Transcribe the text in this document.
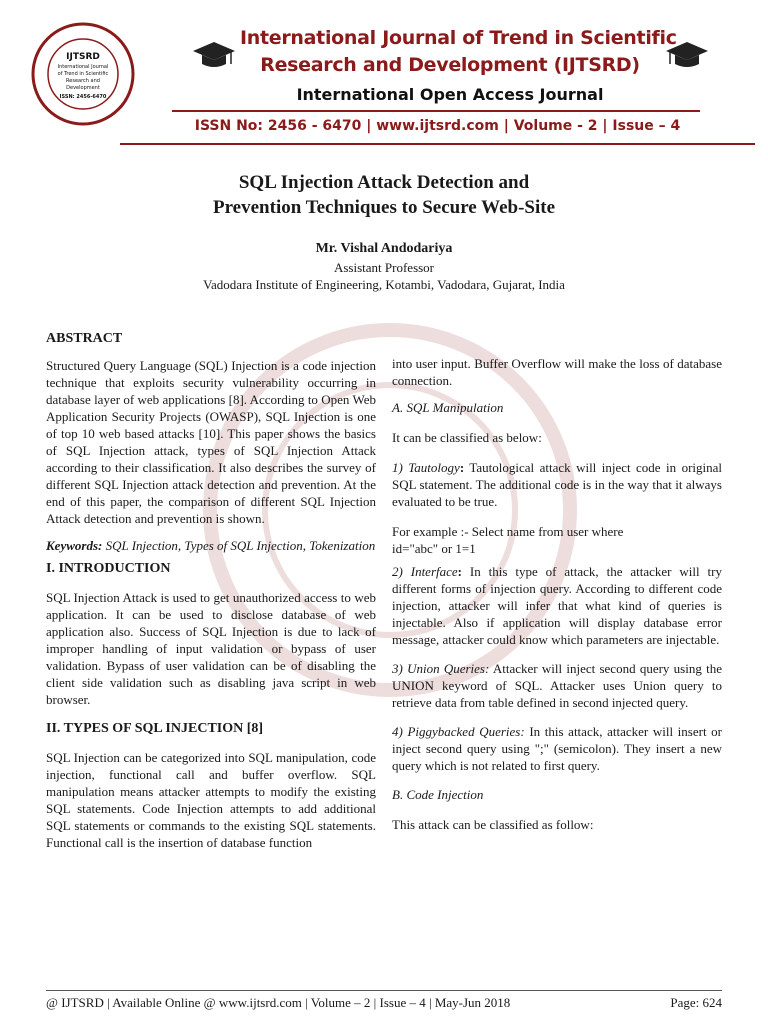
IJTSRD
International Journal
of Trend in Scientific
Research and
Development
ISSN: 2456-6470
International Journal of Trend in Scientific
Research and Development (IJTSRD)
International Open Access Journal
ISSN No: 2456 - 6470 | www.ijtsrd.com | Volume - 2 | Issue – 4
SQL Injection Attack Detection and
Prevention Techniques to Secure Web-Site
Mr. Vishal Andodariya
Assistant Professor
Vadodara Institute of Engineering, Kotambi, Vadodara, Gujarat, India
ABSTRACT

Structured Query Language (SQL) Injection is a code injection technique that exploits security vulnerability occurring in database layer of web applications [8]. According to Open Web Application Security Projects (OWASP), SQL Injection is one of top 10 web based attacks [10]. This paper shows the basics of SQL Injection attack, types of SQL Injection Attack according to their classification. It also describes the survey of different SQL Injection attack detection and prevention. At the end of this paper, the comparison of different SQL Injection Attack detection and prevention is shown.

Keywords: SQL Injection, Types of SQL Injection, Tokenization

I. INTRODUCTION

SQL Injection Attack is used to get unauthorized access to web application. It can be used to disclose database of web application also. Success of SQL Injection is due to lack of improper handling of input validation or bypass of user validation. Bypass of user validation can be of disabling the client side validation such as disabling java script in web browser.

II. TYPES OF SQL INJECTION [8]

SQL Injection can be categorized into SQL manipulation, code injection, functional call and buffer overflow. SQL manipulation means attacker attempts to modify the existing SQL statements. Code Injection attempts to add additional SQL statements or commands to the existing SQL statements. Functional call is the insertion of database function

into user input. Buffer Overflow will make the loss of database connection.

A. SQL Manipulation

It can be classified as below:

1) Tautology: Tautological attack will inject code in original SQL statement. The additional code is in the way that it always evaluated to be true.

For example :- Select name from user where
id="abc" or 1=1

2) Interface: In this type of attack, the attacker will try different forms of injection query. According to different code injection, attacker will infer that what kind of queries is injectable. Also if application will display database error message, attacker could know which parameters are injectable.

3) Union Queries: Attacker will inject second query using the UNION keyword of SQL. Attacker uses Union query to retrieve data from table defined in second injected query.

4) Piggybacked Queries: In this attack, attacker will insert or inject second query using ";" (semicolon). They insert a new query which is not related to first query.

B. Code Injection

This attack can be classified as follow:

@ IJTSRD | Available Online @ www.ijtsrd.com | Volume – 2 | Issue – 4 | May-Jun 2018	Page: 624
